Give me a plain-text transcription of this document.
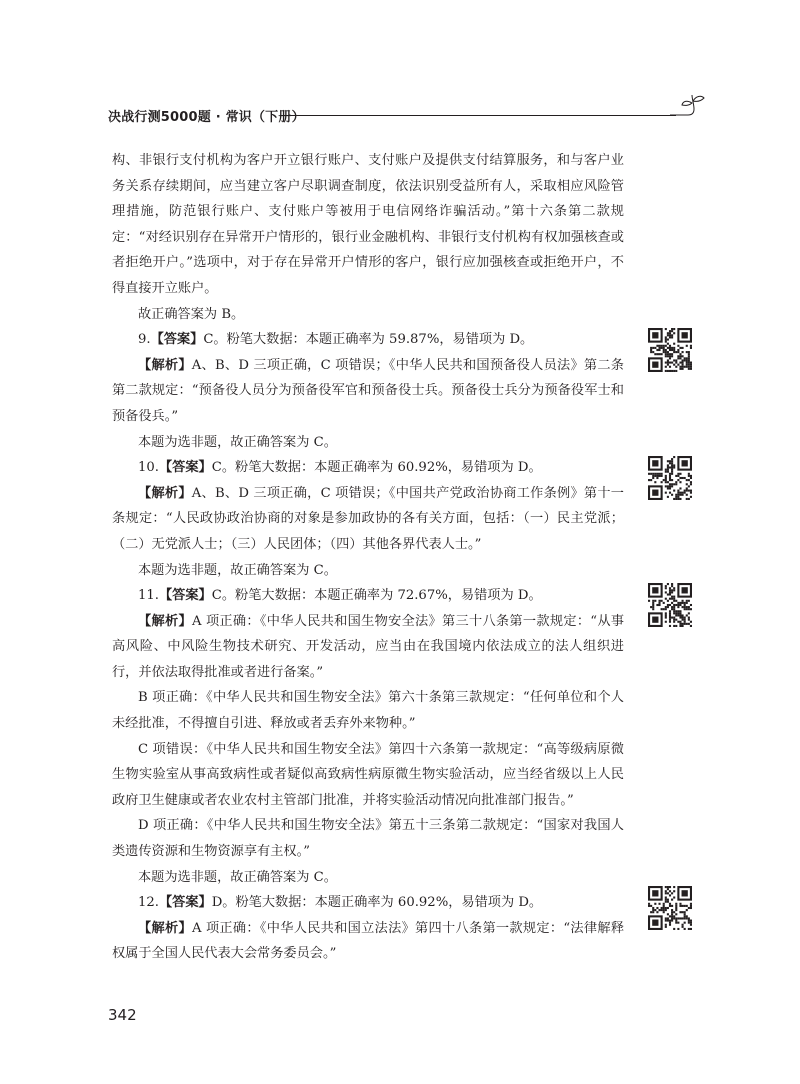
决战行测5000题 · 常识（下册）

构、非银行支付机构为客户开立银行账户、支付账户及提供支付结算服务，和与客户业务关系存续期间，应当建立客户尽职调查制度，依法识别受益所有人，采取相应风险管理措施，防范银行账户、支付账户等被用于电信网络诈骗活动。”第十六条第二款规定：“对经识别存在异常开户情形的，银行业金融机构、非银行支付机构有权加强核查或者拒绝开户。”选项中，对于存在异常开户情形的客户，银行应加强核查或拒绝开户，不得直接开立账户。

故正确答案为 B。

9.【答案】C。粉笔大数据：本题正确率为 59.87%，易错项为 D。

【解析】A、B、D 三项正确，C 项错误；《中华人民共和国预备役人员法》第二条第二款规定：“预备役人员分为预备役军官和预备役士兵。预备役士兵分为预备役军士和预备役兵。”

本题为选非题，故正确答案为 C。

10.【答案】C。粉笔大数据：本题正确率为 60.92%，易错项为 D。

【解析】A、B、D 三项正确，C 项错误；《中国共产党政治协商工作条例》第十一条规定：“人民政协政治协商的对象是参加政协的各有关方面，包括：（一）民主党派；（二）无党派人士；（三）人民团体；（四）其他各界代表人士。”

本题为选非题，故正确答案为 C。

11.【答案】C。粉笔大数据：本题正确率为 72.67%，易错项为 D。

【解析】A 项正确：《中华人民共和国生物安全法》第三十八条第一款规定：“从事高风险、中风险生物技术研究、开发活动，应当由在我国境内依法成立的法人组织进行，并依法取得批准或者进行备案。”

B 项正确：《中华人民共和国生物安全法》第六十条第三款规定：“任何单位和个人未经批准，不得擅自引进、释放或者丢弃外来物种。”

C 项错误：《中华人民共和国生物安全法》第四十六条第一款规定：“高等级病原微生物实验室从事高致病性或者疑似高致病性病原微生物实验活动，应当经省级以上人民政府卫生健康或者农业农村主管部门批准，并将实验活动情况向批准部门报告。”

D 项正确：《中华人民共和国生物安全法》第五十三条第二款规定：“国家对我国人类遗传资源和生物资源享有主权。”

本题为选非题，故正确答案为 C。

12.【答案】D。粉笔大数据：本题正确率为 60.92%，易错项为 D。

【解析】A 项正确：《中华人民共和国立法法》第四十八条第一款规定：“法律解释权属于全国人民代表大会常务委员会。”

342
